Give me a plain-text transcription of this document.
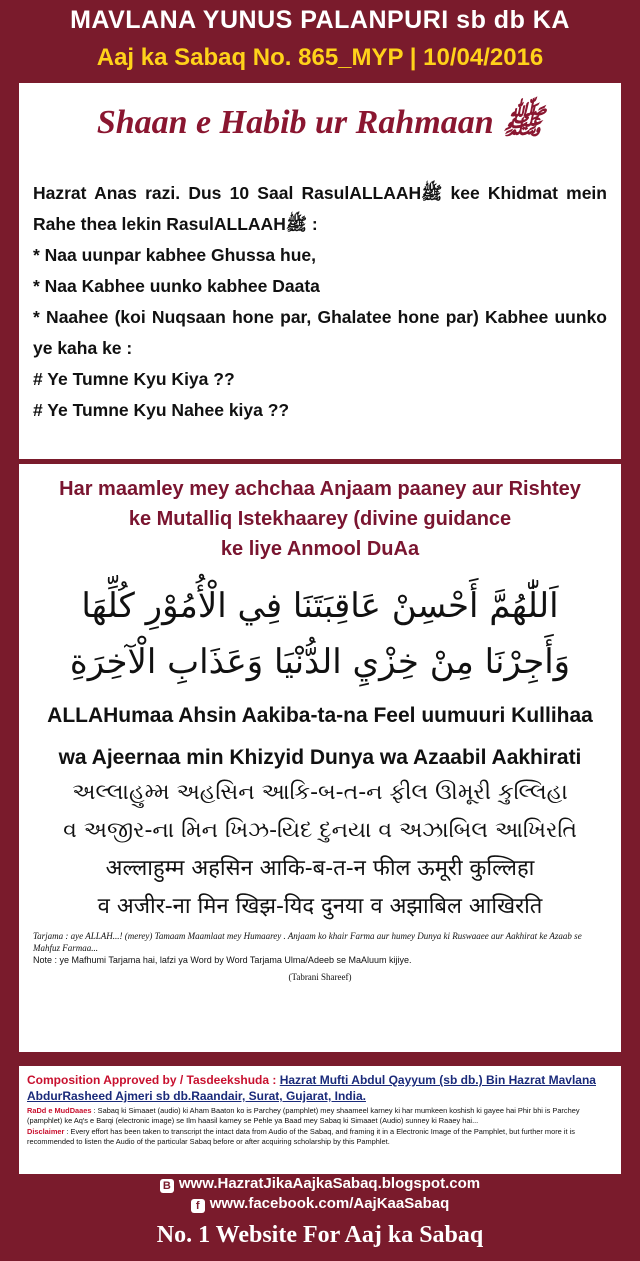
MAVLANA YUNUS PALANPURI sb db KA
Aaj ka Sabaq No. 865_MYP | 10/04/2016
Shaan e Habib ur Rahmaan ﷺ
Hazrat Anas razi. Dus 10 Saal RasulALLAAHﷺ kee Khidmat mein Rahe thea lekin RasulALLAAHﷺ :
* Naa uunpar kabhee Ghussa hue,
* Naa Kabhee uunko kabhee Daata
* Naahee (koi Nuqsaan hone par, Ghalatee hone par) Kabhee uunko ye kaha ke :
# Ye Tumne Kyu Kiya ??
# Ye Tumne Kyu Nahee kiya ??
Har maamley mey achchaa Anjaam paaney aur Rishtey
ke Mutalliq Istekhaarey (divine guidance
ke liye Anmool DuAa
اَللّٰهُمَّ أَحْسِنْ عَاقِبَتَنَا فِي الْأُمُوْرِ كُلِّهَا
وَأَجِرْنَا مِنْ خِزْيِ الدُّنْيَا وَعَذَابِ الْآخِرَةِ
ALLAHumaa Ahsin Aakiba-ta-na Feel uumuuri Kullihaa
wa Ajeernaa min Khizyid Dunya wa Azaabil Aakhirati
અલ્લાહુમ્મ અહસિન આકિ-બ-ત-ન ફીલ ઊમૂરી કુલ્લિહા
વ અજીર-ના મિન ખિઝ-યિદ દુનયા વ અઝાબિલ આખિરતિ
अल्लाहुम्म अहसिन आकि-ब-त-न फील ऊमूरी कुल्लिहा
व अजीर-ना मिन खिझ-यिद दुनया व अझाबिल आखिरति
Tarjama : aye ALLAH...! (merey) Tamaam Maamlaat mey Humaarey . Anjaam ko khair Farma aur humey Dunya ki Ruswaaee aur Aakhirat ke Azaab se Mahfuz Farmaa...
Note : ye Mafhumi Tarjama hai, lafzi ya Word by Word Tarjama Ulma/Adeeb se MaAluum kijiye.
(Tabrani Shareef)
Composition Approved by / Tasdeekshuda : Hazrat Mufti Abdul Qayyum (sb db.) Bin Hazrat Mavlana AbdurRasheed Ajmeri sb db.Raandair, Surat, Gujarat, India.
RaDd e MudDaaes : Sabaq ki Simaaet (audio) ki Aham Baaton ko is Parchey (pamphlet) mey shaameel karney ki har mumkeen koshish ki gayee hai Phir bhi is Parchey (pamphlet) ke Aq's e Barqi (electronic image) se Ilm haasil karney se Pehle ya Baad mey Sabaq ki Simaaet (Audio) sunney ki Raaey hai...
Disclaimer : Every effort has been taken to transcript the intact data from Audio of the Sabaq, and framing it in a Electronic Image of the Pamphlet, but further more it is recommended to listen the Audio of the particular Sabaq before or after acquiring scholarship by this Pamphlet.
B www.HazratJikaAajkaSabaq.blogspot.com
f www.facebook.com/AajKaaSabaq
No. 1 Website For Aaj ka Sabaq
